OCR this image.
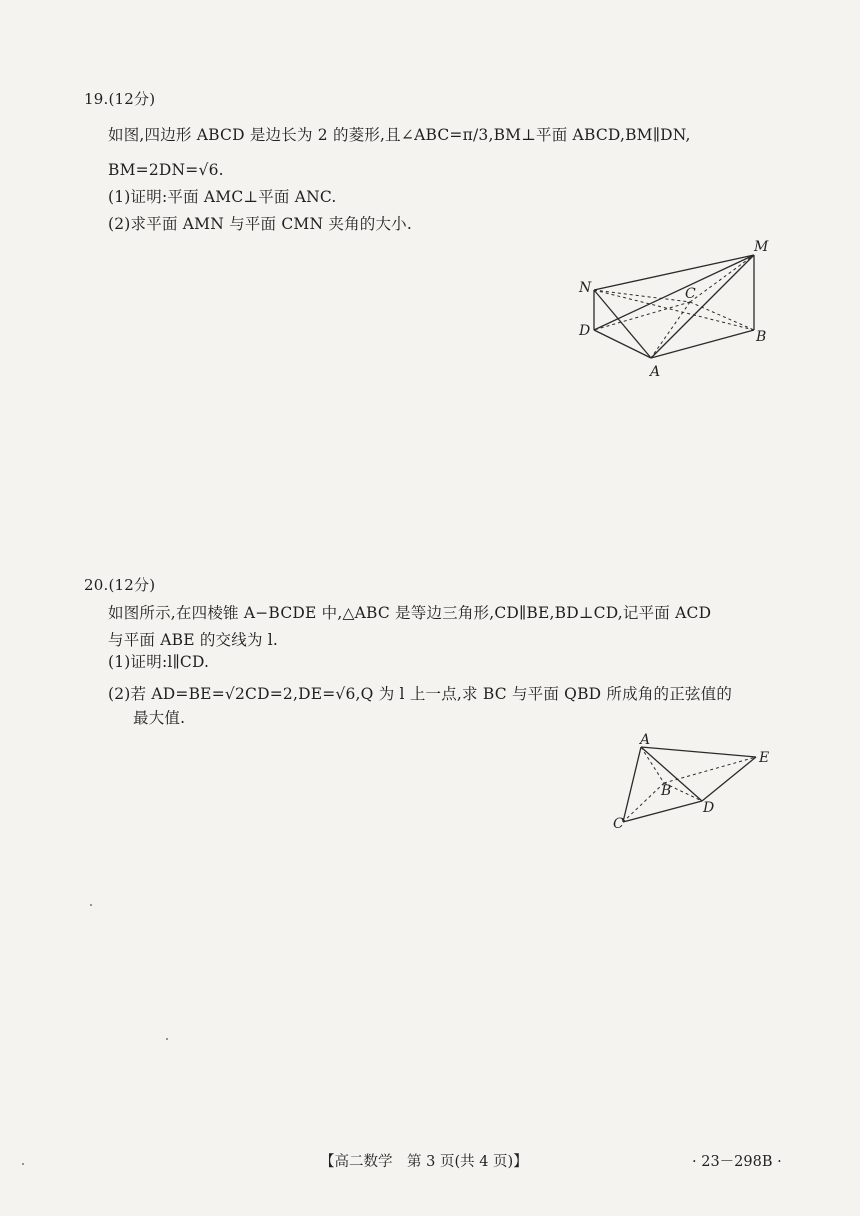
19.(12分)
如图,四边形 ABCD 是边长为 2 的菱形,且∠ABC=π/3,BM⊥平面 ABCD,BM∥DN,
BM=2DN=√6.
(1)证明:平面 AMC⊥平面 ANC.
(2)求平面 AMN 与平面 CMN 夹角的大小.
M
N	C
D	B
A
20.(12分)
如图所示,在四棱锥 A−BCDE 中,△ABC 是等边三角形,CD∥BE,BD⊥CD,记平面 ACD
与平面 ABE 的交线为 l.
(1)证明:l∥CD.
(2)若 AD=BE=√2CD=2,DE=√6,Q 为 l 上一点,求 BC 与平面 QBD 所成角的正弦值的
最大值.
A
E
B
D
C
【高二数学　第 3 页(共 4 页)】	· 23－298B ·
